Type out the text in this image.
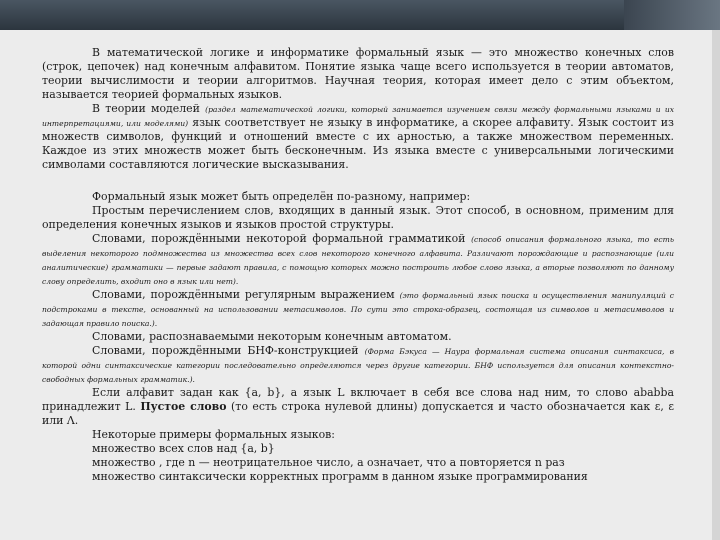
В математической логике и информатике формальный язык — это множество конечных слов (строк, цепочек) над конечным алфавитом. Понятие языка чаще всего используется в теории автоматов, теории вычислимости и теории алгоритмов. Научная теория, которая имеет дело с этим объектом, называется теорией формальных языков.

В теории моделей (раздел математической логики, который занимается изучением связи между формальными языками и их интерпретациями, или моделями) язык соответствует не языку в информатике, а скорее алфавиту. Язык состоит из множеств символов, функций и отношений вместе с их арностью, а также множеством переменных. Каждое из этих множеств может быть бесконечным. Из языка вместе с универсальными логическими символами составляются логические высказывания.

Формальный язык может быть определён по-разному, например:

Простым перечислением слов, входящих в данный язык. Этот способ, в основном, применим для определения конечных языков и языков простой структуры.

Словами, порождёнными некоторой формальной грамматикой (способ описания формального языка, то есть выделения некоторого подмножества из множества всех слов некоторого конечного алфавита. Различают порождающие и распознающие (или аналитические) грамматики — первые задают правила, с помощью которых можно построить любое слово языка, а вторые позволяют по данному слову определить, входит оно в язык или нет).

Словами, порождёнными регулярным выражением (это формальный язык поиска и осуществления манипуляций с подстроками в тексте, основанный на использовании метасимволов. По сути это строка-образец, состоящая из символов и метасимволов и задающая правило поиска.).

Словами, распознаваемыми некоторым конечным автоматом.

Словами, порождёнными БНФ-конструкцией (Форма Бэкуса — Наура формальная система описания синтаксиса, в которой одни синтаксические категории последовательно определяются через другие категории. БНФ используется для описания контекстно-свободных формальных грамматик.).

Если алфавит задан как {a, b}, а язык L включает в себя все слова над ним, то слово ababba принадлежит L. Пустое слово (то есть строка нулевой длины) допускается и часто обозначается как ε, ε или Λ.

Некоторые примеры формальных языков:

множество всех слов над {a, b}

множество , где n — неотрицательное число, a означает, что a повторяется n раз

множество синтаксически корректных программ в данном языке программирования
